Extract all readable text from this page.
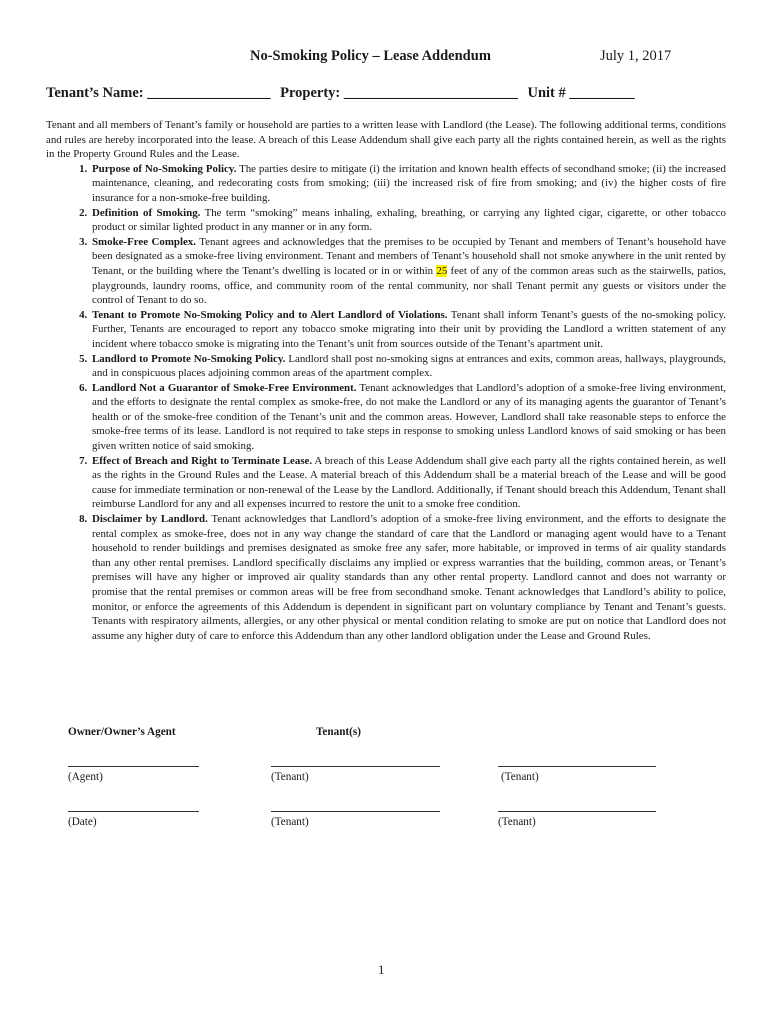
No-Smoking Policy – Lease Addendum	July 1, 2017
Tenant’s Name: _________________ Property: ________________________ Unit # _________

Tenant and all members of Tenant’s family or household are parties to a written lease with Landlord (the Lease). The following additional terms, conditions and rules are hereby incorporated into the lease. A breach of this Lease Addendum shall give each party all the rights contained herein, as well as the rights in the Property Ground Rules and the Lease.

1. Purpose of No-Smoking Policy. The parties desire to mitigate (i) the irritation and known health effects of secondhand smoke; (ii) the increased maintenance, cleaning, and redecorating costs from smoking; (iii) the increased risk of fire from smoking; and (iv) the higher costs of fire insurance for a non-smoke-free building.
2. Definition of Smoking. The term “smoking” means inhaling, exhaling, breathing, or carrying any lighted cigar, cigarette, or other tobacco product or similar lighted product in any manner or in any form.
3. Smoke-Free Complex. Tenant agrees and acknowledges that the premises to be occupied by Tenant and members of Tenant’s household have been designated as a smoke-free living environment. Tenant and members of Tenant’s household shall not smoke anywhere in the unit rented by Tenant, or the building where the Tenant’s dwelling is located or in or within 25 feet of any of the common areas such as the stairwells, patios, playgrounds, laundry rooms, office, and community room of the rental community, nor shall Tenant permit any guests or visitors under the control of Tenant to do so.
4. Tenant to Promote No-Smoking Policy and to Alert Landlord of Violations. Tenant shall inform Tenant’s guests of the no-smoking policy. Further, Tenants are encouraged to report any tobacco smoke migrating into their unit by providing the Landlord a written statement of any incident where tobacco smoke is migrating into the Tenant’s unit from sources outside of the Tenant’s apartment unit.
5. Landlord to Promote No-Smoking Policy. Landlord shall post no-smoking signs at entrances and exits, common areas, hallways, playgrounds, and in conspicuous places adjoining common areas of the apartment complex.
6. Landlord Not a Guarantor of Smoke-Free Environment. Tenant acknowledges that Landlord’s adoption of a smoke-free living environment, and the efforts to designate the rental complex as smoke-free, do not make the Landlord or any of its managing agents the guarantor of Tenant’s health or of the smoke-free condition of the Tenant’s unit and the common areas. However, Landlord shall take reasonable steps to enforce the smoke-free terms of its lease. Landlord is not required to take steps in response to smoking unless Landlord knows of said smoking or has been given written notice of said smoking.
7. Effect of Breach and Right to Terminate Lease. A breach of this Lease Addendum shall give each party all the rights contained herein, as well as the rights in the Ground Rules and the Lease. A material breach of this Addendum shall be a material breach of the Lease and will be good cause for immediate termination or non-renewal of the Lease by the Landlord. Additionally, if Tenant should breach this Addendum, Tenant shall reimburse Landlord for any and all expenses incurred to restore the unit to a smoke free condition.
8. Disclaimer by Landlord. Tenant acknowledges that Landlord’s adoption of a smoke-free living environment, and the efforts to designate the rental complex as smoke-free, does not in any way change the standard of care that the Landlord or managing agent would have to a Tenant household to render buildings and premises designated as smoke free any safer, more habitable, or improved in terms of air quality standards than any other rental premises. Landlord specifically disclaims any implied or express warranties that the building, common areas, or Tenant’s premises will have any higher or improved air quality standards than any other rental property. Landlord cannot and does not warranty or promise that the rental premises or common areas will be free from secondhand smoke. Tenant acknowledges that Landlord’s ability to police, monitor, or enforce the agreements of this Addendum is dependent in significant part on voluntary compliance by Tenant and Tenant’s guests. Tenants with respiratory ailments, allergies, or any other physical or mental condition relating to smoke are put on notice that Landlord does not assume any higher duty of care to enforce this Addendum than any other landlord obligation under the Lease and Ground Rules.
Owner/Owner’s Agent	Tenant(s)
(Agent)	(Tenant)	(Tenant)
(Date)	(Tenant)	(Tenant)
1
